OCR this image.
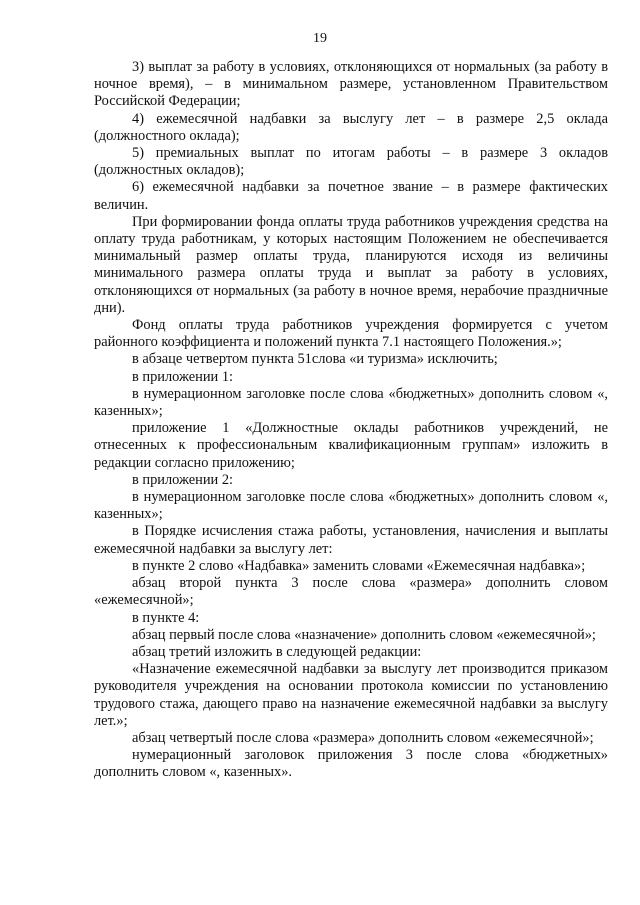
19

3) выплат за работу в условиях, отклоняющихся от нормальных (за работу в ночное время), – в минимальном размере, установленном Правительством Российской Федерации;

4) ежемесячной надбавки за выслугу лет – в размере 2,5 оклада (должностного оклада);

5) премиальных выплат по итогам работы – в размере 3 окладов (должностных окладов);

6) ежемесячной надбавки за почетное звание – в размере фактических величин.

При формировании фонда оплаты труда работников учреждения средства на оплату труда работникам, у которых настоящим Положением не обеспечивается минимальный размер оплаты труда, планируются исходя из величины минимального размера оплаты труда и выплат за работу в условиях, отклоняющихся от нормальных (за работу в ночное время, нерабочие праздничные дни).

Фонд оплаты труда работников учреждения формируется с учетом районного коэффициента и положений пункта 7.1 настоящего Положения.»;

в абзаце четвертом пункта 51слова «и туризма» исключить;

в приложении 1:

в нумерационном заголовке после слова «бюджетных» дополнить словом «, казенных»;

приложение 1 «Должностные оклады работников учреждений, не отнесенных к профессиональным квалификационным группам» изложить в редакции согласно приложению;

в приложении 2:

в нумерационном заголовке после слова «бюджетных» дополнить словом «, казенных»;

в Порядке исчисления стажа работы, установления, начисления и выплаты ежемесячной надбавки за выслугу лет:

в пункте 2 слово «Надбавка» заменить словами «Ежемесячная надбавка»;

абзац второй пункта 3 после слова «размера» дополнить словом «ежемесячной»;

в пункте 4:

абзац первый после слова «назначение» дополнить словом «ежемесячной»;

абзац третий изложить в следующей редакции:

«Назначение ежемесячной надбавки за выслугу лет производится приказом руководителя учреждения на основании протокола комиссии по установлению трудового стажа, дающего право на назначение ежемесячной надбавки за выслугу лет.»;

абзац четвертый после слова «размера» дополнить словом «ежемесячной»;

нумерационный заголовок приложения 3 после слова «бюджетных» дополнить словом «, казенных».
